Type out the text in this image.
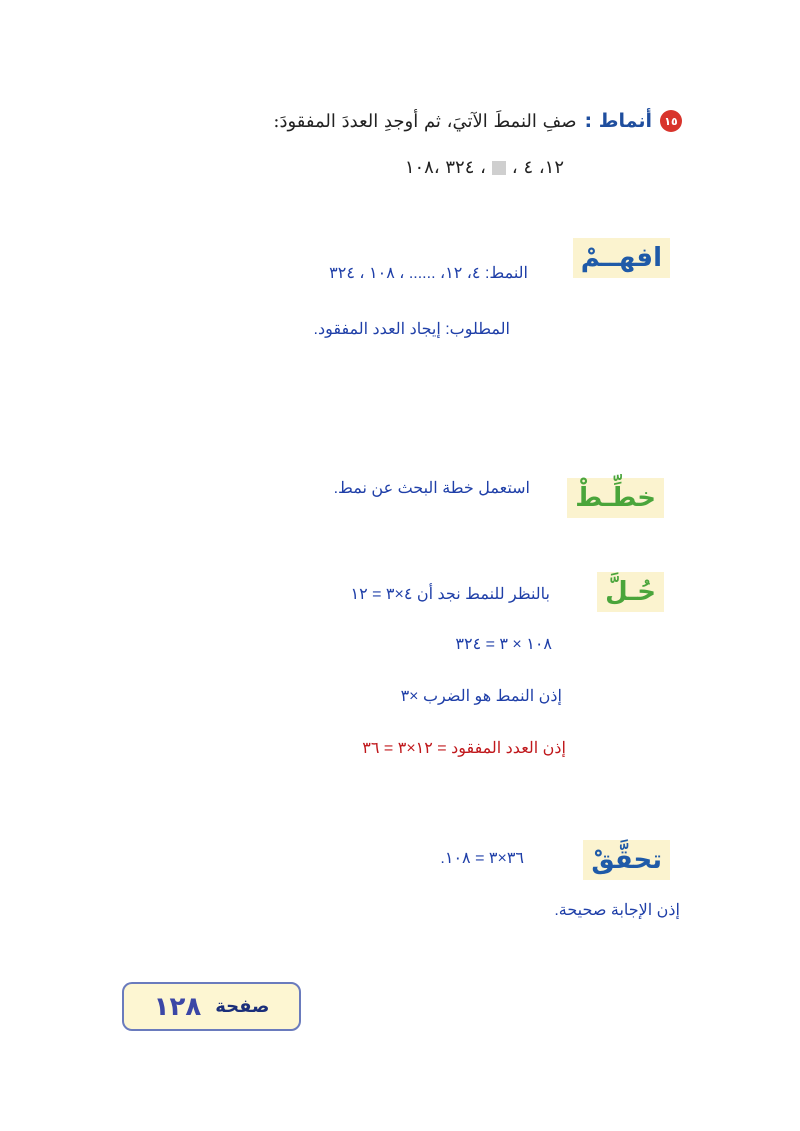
١٥
أنماط :
صفِ النمطَ الآتيَ، ثم أوجدِ العددَ المفقودَ:
٣٢٤ ،١٠٨ ، ، ١٢، ٤
افهــمْ
النمط: ٤، ١٢، ...... ، ١٠٨ ، ٣٢٤
المطلوب: إيجاد العدد المفقود.
خطِّـطْ
استعمل خطة البحث عن نمط.
حُـلَّ
بالنظر للنمط نجد أن ٤×٣ = ١٢
١٠٨ × ٣ = ٣٢٤
إذن النمط هو الضرب ×٣
إذن العدد المفقود = ١٢×٣ = ٣٦
تحقَّقْ
٣٦×٣ = ١٠٨.
إذن الإجابة صحيحة.
صفحة
١٢٨
